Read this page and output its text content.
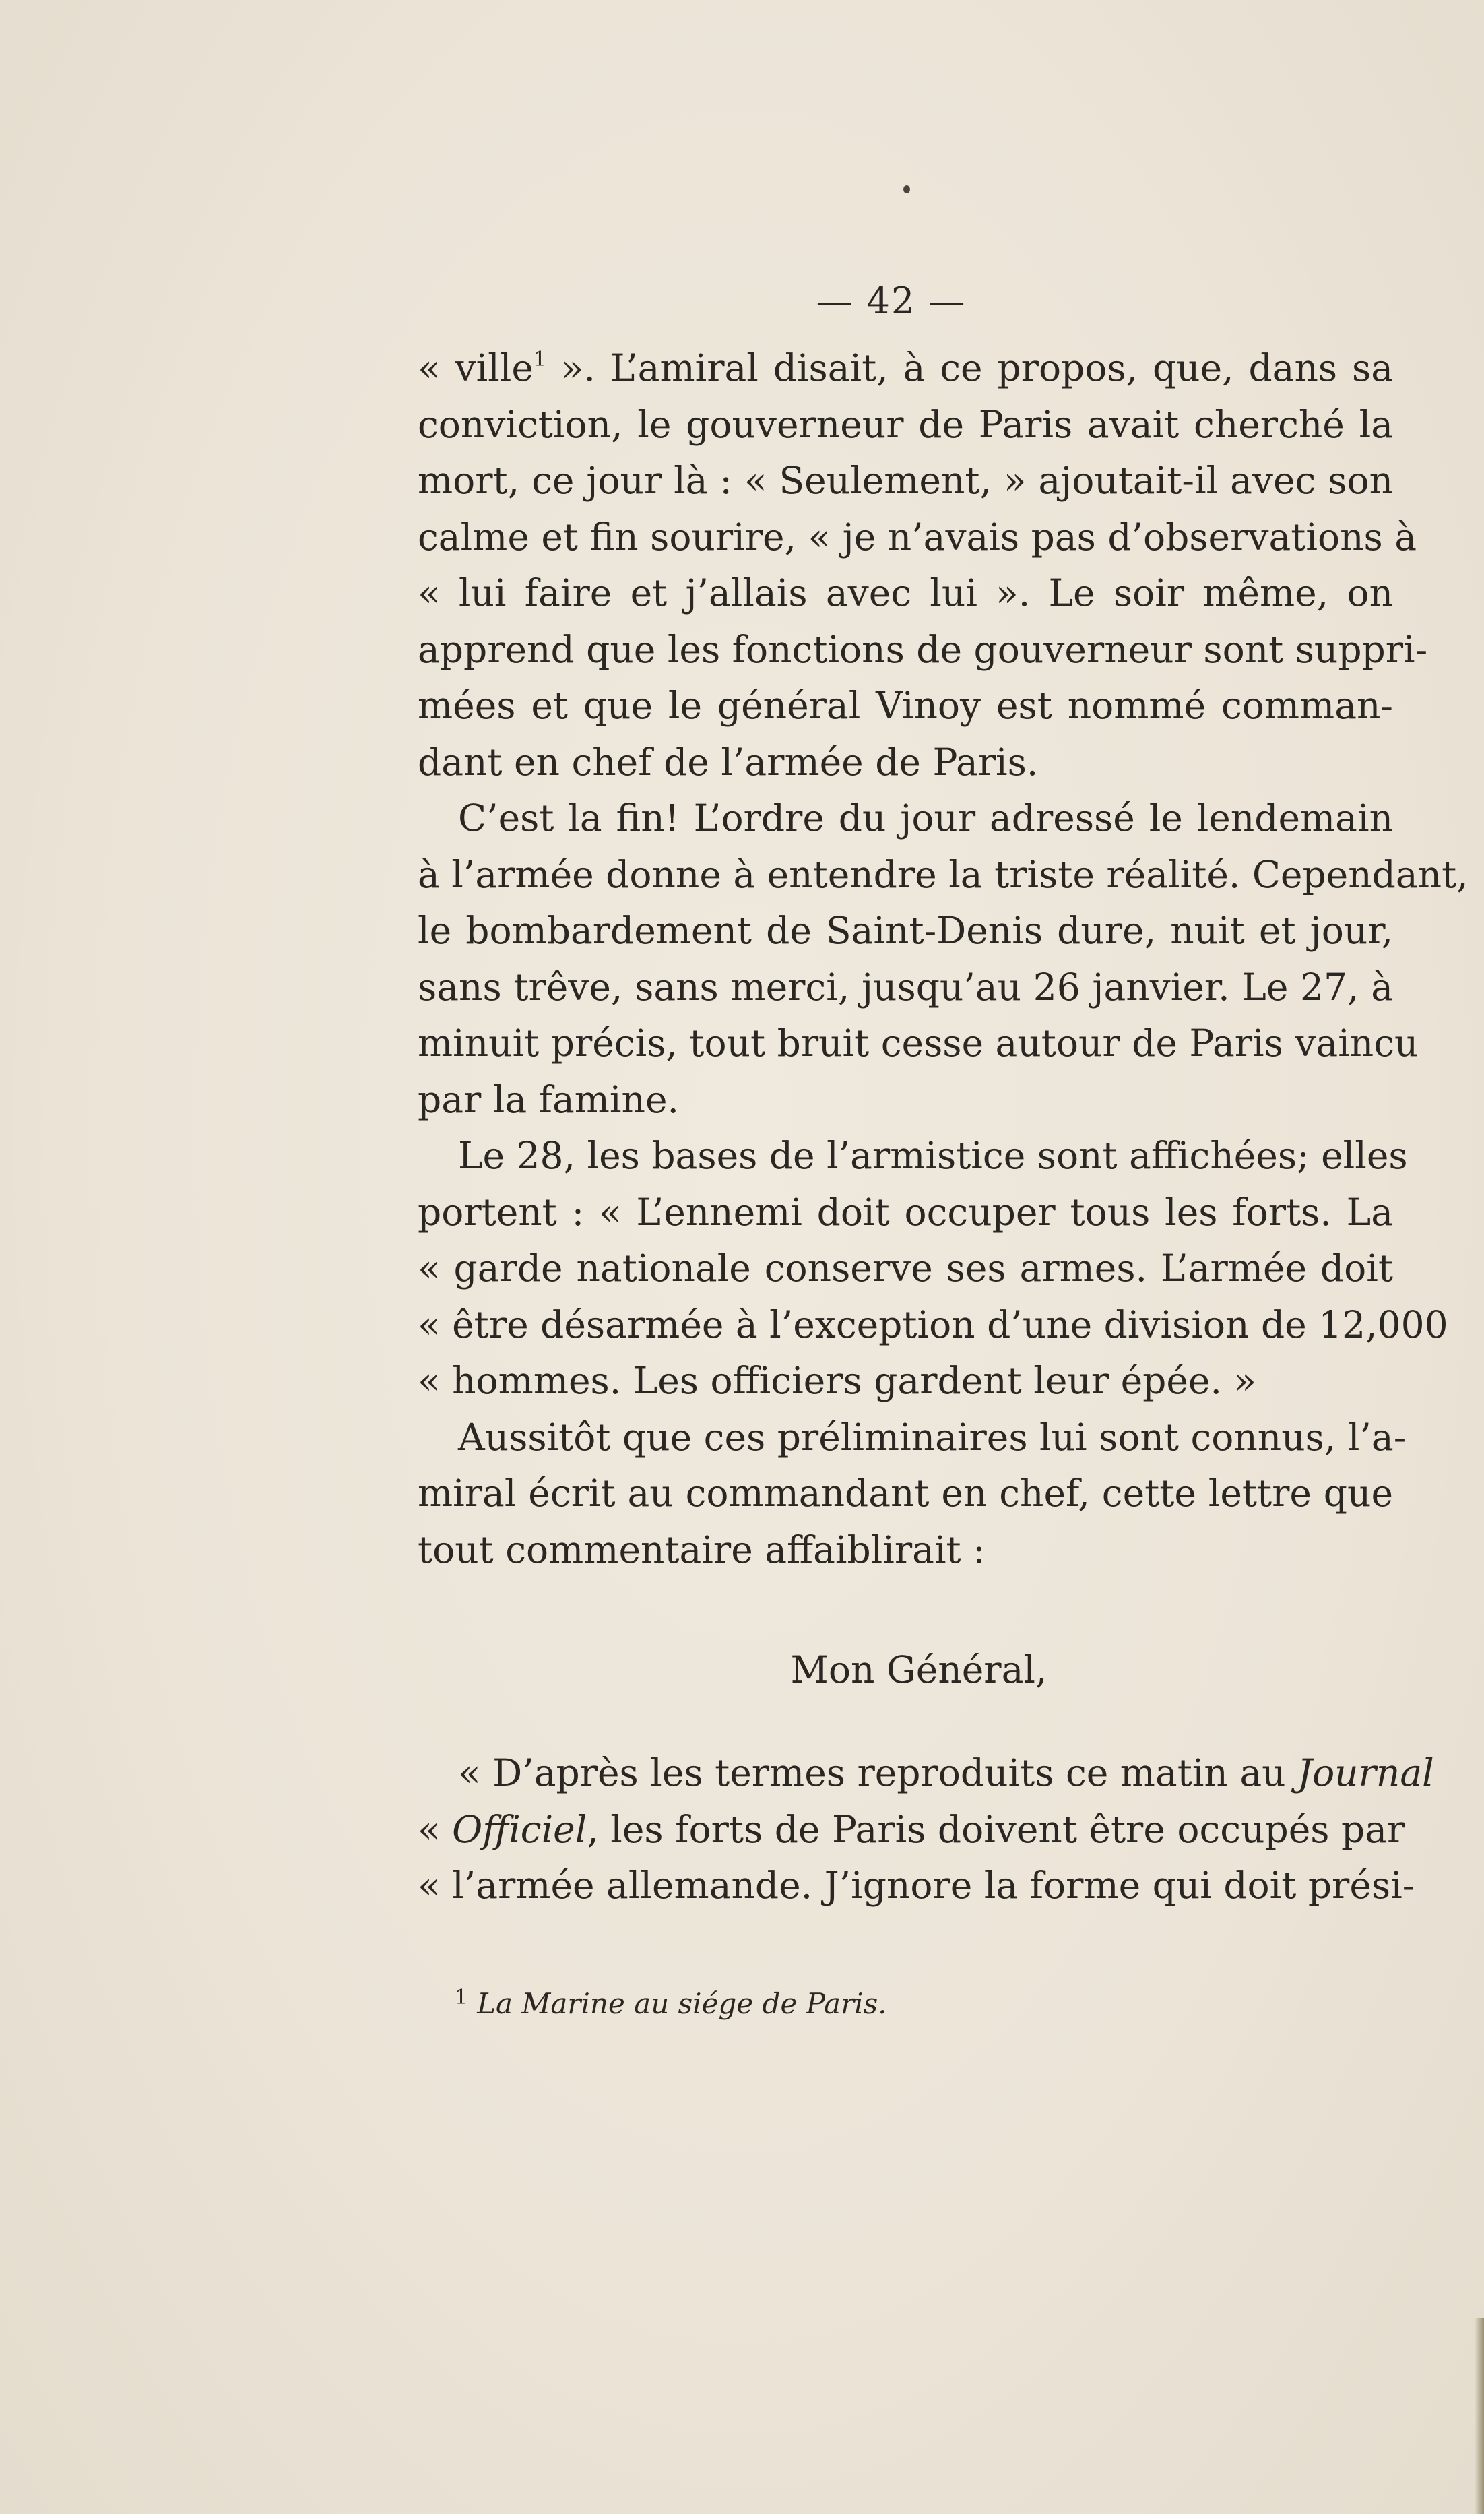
— 42 —
« ville$^1$ ». L’amiral disait, à ce propos, que, dans sa
conviction, le gouverneur de Paris avait cherché la
mort, ce jour là : « Seulement, » ajoutait-il avec son
calme et fin sourire, « je n’avais pas d’observations à
« lui faire et j’allais avec lui ». Le soir même, on
apprend que les fonctions de gouverneur sont suppri-
mées et que le général Vinoy est nommé comman-
dant en chef de l’armée de Paris.
C’est la fin! L’ordre du jour adressé le lendemain
à l’armée donne à entendre la triste réalité. Cependant,
le bombardement de Saint-Denis dure, nuit et jour,
sans trêve, sans merci, jusqu’au 26 janvier. Le 27, à
minuit précis, tout bruit cesse autour de Paris vaincu
par la famine.
Le 28, les bases de l’armistice sont affichées; elles
portent : « L’ennemi doit occuper tous les forts. La
« garde nationale conserve ses armes. L’armée doit
« être désarmée à l’exception d’une division de 12,000
« hommes. Les officiers gardent leur épée. »
Aussitôt que ces préliminaires lui sont connus, l’a-
miral écrit au commandant en chef, cette lettre que
tout commentaire affaiblirait :
Mon Général,
« D’après les termes reproduits ce matin au Journal
« Officiel, les forts de Paris doivent être occupés par
« l’armée allemande. J’ignore la forme qui doit prési-
$^1$ La Marine au siége de Paris.
